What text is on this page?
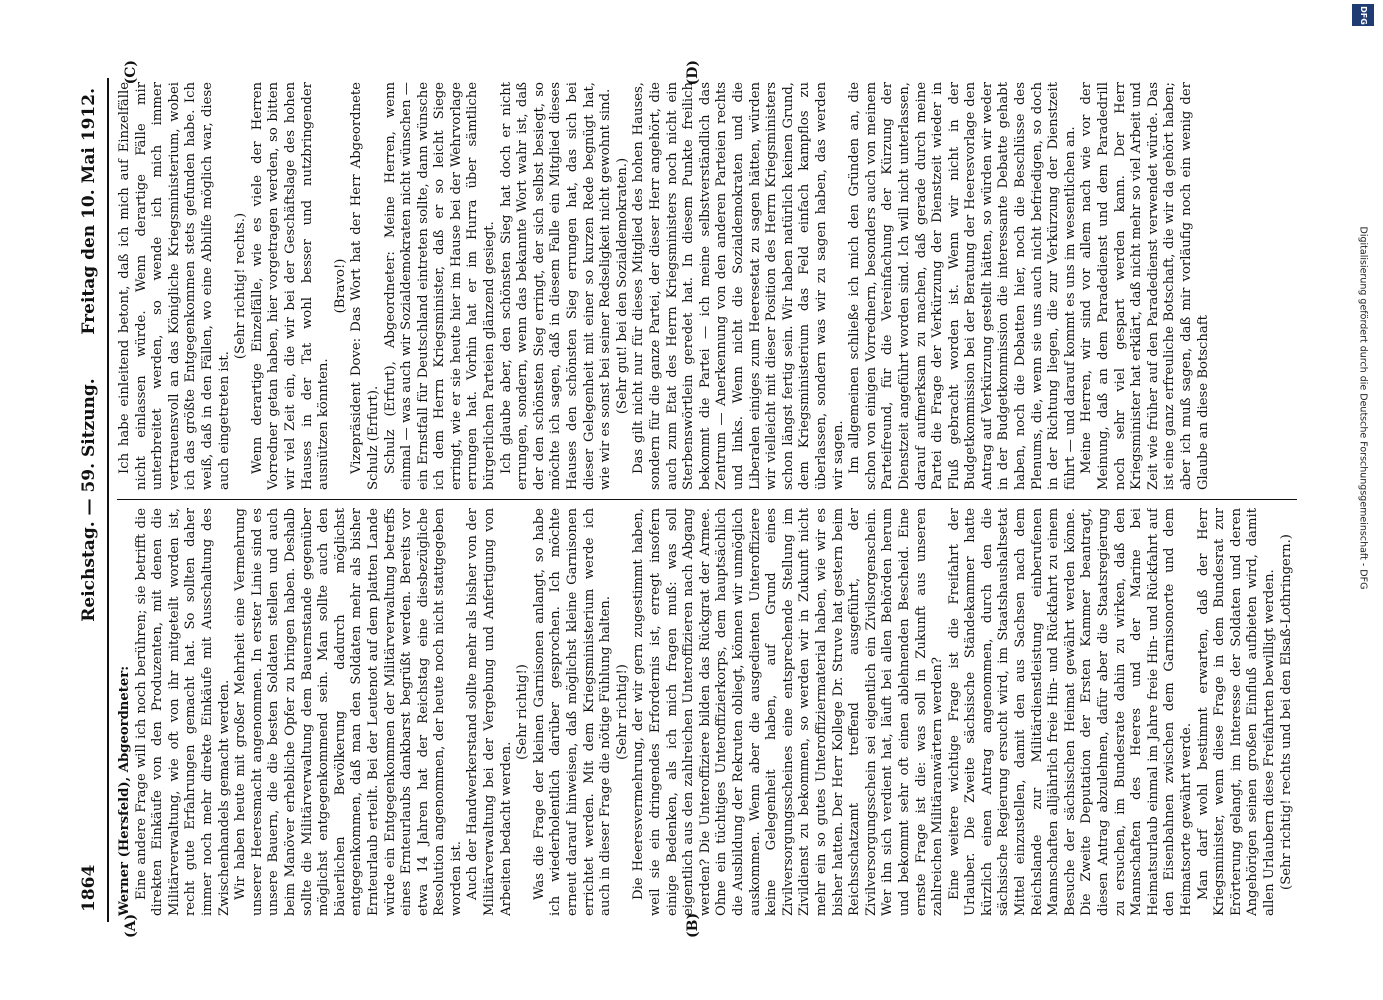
1864
Reichstag. — 59. Sitzung.
Freitag den 10. Mai 1912.
(A)	(B)
(C)	(D)

Werner (Hersfeld), Abgeordneter: Eine andere Frage will ich noch berühren; sie betrifft die direkten Einkäufe von den Produzenten, mit denen die Militärverwaltung, wie oft von ihr mitgeteilt worden ist, recht gute Erfahrungen gemacht hat. So sollten daher immer noch mehr direkte Einkäufe mit Ausschaltung des Zwischenhandels gemacht werden. Wir haben heute mit großer Mehrheit eine Vermehrung unserer Heeresmacht angenommen. In erster Linie sind es unsere Bauern, die die besten Soldaten stellen und auch beim Manöver erhebliche Opfer zu bringen haben. Deshalb sollte die Militärverwaltung dem Bauernstande gegenüber möglichst entgegenkommend sein. Man sollte auch den bäuerlichen Bevölkerung dadurch möglichst entgegenkommen, daß man den Soldaten mehr als bisher Ernteurlaub erteilt. Bei der Leutenot auf dem platten Lande würde ein Entgegenkommen der Militärverwaltung betreffs eines Ernteurlaubs dankbarst begrüßt werden. Bereits vor etwa 14 Jahren hat der Reichstag eine diesbezügliche Resolution angenommen, der heute noch nicht stattgegeben worden ist. Auch der Handwerkerstand sollte mehr als bisher von der Militärverwaltung bei der Vergebung und Anfertigung von Arbeiten bedacht werden.

(Sehr richtig!) Was die Frage der kleinen Garnisonen anlangt, so habe ich wiederholentlich darüber gesprochen. Ich möchte erneut darauf hinweisen, daß möglichst kleine Garnisonen errichtet werden. Mit dem Kriegsministerium werde ich auch in dieser Frage die nötige Fühlung halten. (Sehr richtig!) Die Heeresvermehrung, der wir gern zugestimmt haben, weil sie ein dringendes Erfordernis ist, erregt insofern einige Bedenken, als ich mich fragen muß: was soll eigentlich aus den zahlreichen Unteroffizieren nach Abgang werden? Die Unteroffiziere bilden das Rückgrat der Armee. Ohne ein tüchtiges Unteroffizierkorps, dem hauptsächlich die Ausbildung der Rekruten obliegt, können wir unmöglich auskommen. Wenn aber die ausgedienten Unteroffiziere keine Gelegenheit haben, auf Grund eines Zivilversorgungsscheines eine entsprechende Stellung im Zivildienst zu bekommen, so werden wir in Zukunft nicht mehr ein so gutes Unteroffiziermaterial haben, wie wir es bisher hatten. Der Herr Kollege Dr. Struve hat gestern beim Reichsschatzamt treffend ausgeführt, der Zivilversorgungsschein sei eigentlich ein Zivilsorgenschein. Wer ihn sich verdient hat, läuft bei allen Behörden herum und bekommt sehr oft einen ablehnenden Bescheid. Eine ernste Frage ist die: was soll in Zukunft aus unseren zahlreichen Militäranwärtern werden? Eine weitere wichtige Frage ist die Freifahrt der Urlauber. Die Zweite sächsische Ständekammer hatte kürzlich einen Antrag angenommen, durch den die sächsische Regierung ersucht wird, im Staatshaushaltsetat Mittel einzustellen, damit den aus Sachsen nach dem Reichslande zur Militärdienstleistung einberufenen Mannschaften alljährlich freie Hin- und Rückfahrt zu einem Besuche der sächsischen Heimat gewährt werden könne. Die Zweite Deputation der Ersten Kammer beantragt, diesen Antrag abzulehnen, dafür aber die Staatsregierung zu ersuchen, im Bundesrate dahin zu wirken, daß den Mannschaften des Heeres und der Marine bei Heimatsurlaub einmal im Jahre freie Hin- und Rückfahrt auf den Eisenbahnen zwischen dem Garnisonorte und dem Heimatsorte gewährt werde. Man darf wohl bestimmt erwarten, daß der Herr Kriegsminister, wenn diese Frage in dem Bundesrat zur Erörterung gelangt, im Interesse der Soldaten und deren Angehörigen seinen großen Einfluß aufbieten wird, damit allen Urlaubern diese Freifahrten bewilligt werden. (Sehr richtig! rechts und bei den Elsaß-Lothringern.)

Ich habe einleitend betont, daß ich mich auf Einzelfälle nicht einlassen würde. Wenn derartige Fälle mir unterbreitet werden, so wende ich mich immer vertrauensvoll an das Königliche Kriegsministerium, wobei ich das größte Entgegenkommen stets gefunden habe. Ich weiß, daß in den Fällen, wo eine Abhilfe möglich war, diese auch eingetreten ist.

(Sehr richtig! rechts.) Wenn derartige Einzelfälle, wie es viele der Herren Vorredner getan haben, hier vorgetragen werden, so bitten wir viel Zeit ein, die wir bei der Geschäftslage des hohen Hauses in der Tat wohl besser und nutzbringender ausnützen könnten.

(Bravo!) Vizepräsident Dove: Das Wort hat der Herr Abgeordnete Schulz (Erfurt). Schulz (Erfurt), Abgeordneter: Meine Herren, wenn einmal — was auch wir Sozialdemokraten nicht wünschen — ein Ernstfall für Deutschland eintreten sollte, dann wünsche ich dem Herrn Kriegsminister, daß er so leicht Siege erringt, wie er sie heute hier im Hause bei der Wehrvorlage errungen hat. Vorhin hat er im Hurra über sämtliche bürgerlichen Parteien glänzend gesiegt. Ich glaube aber, den schönsten Sieg hat doch er nicht errungen, sondern, wenn das bekannte Wort wahr ist, daß der den schönsten Sieg erringt, der sich selbst besiegt, so möchte ich sagen, daß in diesem Falle ein Mitglied dieses Hauses den schönsten Sieg errungen hat, das sich bei dieser Gelegenheit mit einer so kurzen Rede begnügt hat, wie wir es sonst bei seiner Redseligkeit nicht gewohnt sind. (Sehr gut! bei den Sozialdemokraten.) Das gilt nicht nur für dieses Mitglied des hohen Hauses, sondern für die ganze Partei, der dieser Herr angehört, die auch zum Etat des Herrn Kriegsministers noch nicht ein Sterbenswörtlein geredet hat. In diesem Punkte freilich bekommt die Partei — ich meine selbstverständlich das Zentrum — Anerkennung von den anderen Parteien rechts und links. Wenn nicht die Sozialdemokraten und die Liberalen einiges zum Heeresetat zu sagen hätten, würden wir vielleicht mit dieser Position des Herrn Kriegsministers schon längst fertig sein. Wir haben natürlich keinen Grund, dem Kriegsministerium das Feld einfach kampflos zu überlassen, sondern was wir zu sagen haben, das werden wir sagen. Im allgemeinen schließe ich mich den Gründen an, die schon von einigen Vorrednern, besonders auch von meinem Parteifreund, für die Vereinfachung der Kürzung der Dienstzeit angeführt worden sind. Ich will nicht unterlassen, darauf aufmerksam zu machen, daß gerade durch meine Partei die Frage der Verkürzung der Dienstzeit wieder in Fluß gebracht worden ist. Wenn wir nicht in der Budgetkommission bei der Beratung der Heeresvorlage den Antrag auf Verkürzung gestellt hätten, so würden wir weder in der Budgetkommission die interessante Debatte gehabt haben, noch die Debatten hier, noch die Beschlüsse des Plenums, die, wenn sie uns auch nicht befriedigen, so doch in der Richtung liegen, die zur Verkürzung der Dienstzeit führt — und darauf kommt es uns im wesentlichen an. Meine Herren, wir sind vor allem nach wie vor der Meinung, daß an dem Paradedienst und dem Paradedrill noch sehr viel gespart werden kann. Der Herr Kriegsminister hat erklärt, daß nicht mehr so viel Arbeit und Zeit wie früher auf den Paradedienst verwendet würde. Das ist eine ganz erfreuliche Botschaft, die wir da gehört haben; aber ich muß sagen, daß mir vorläufig noch ein wenig der Glaube an diese Botschaft

DFG
Digitalisierung gefördert durch die Deutsche Forschungsgemeinschaft - DFG
